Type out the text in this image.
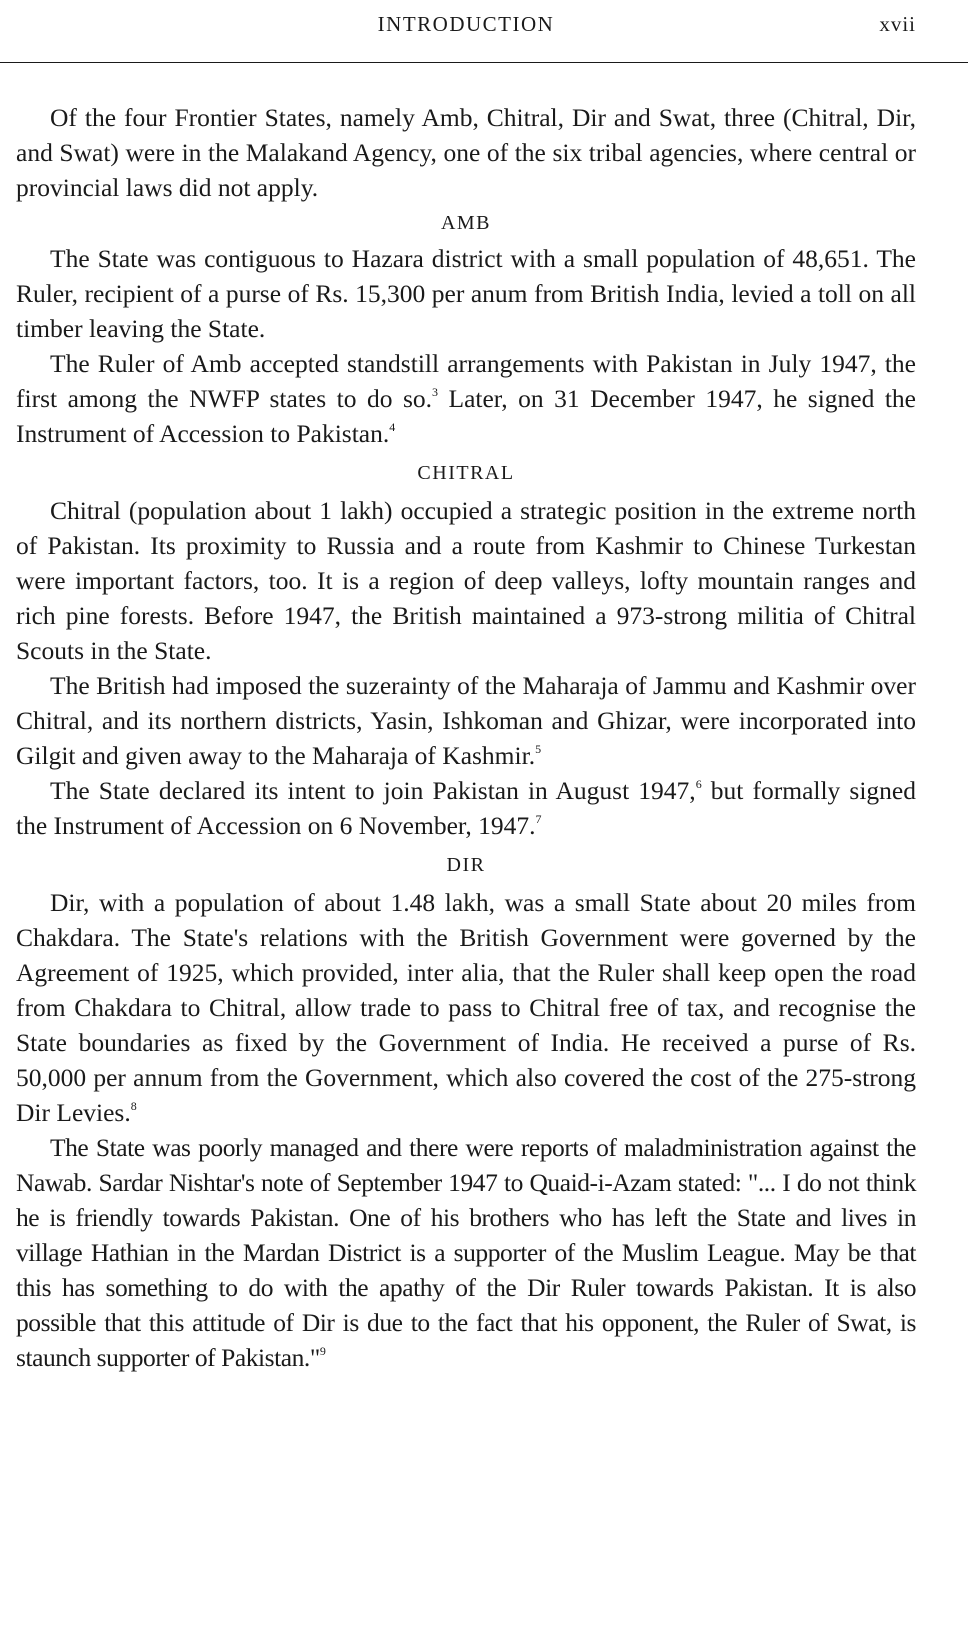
INTRODUCTION	xvii

Of the four Frontier States, namely Amb, Chitral, Dir and Swat, three (Chitral, Dir, and Swat) were in the Malakand Agency, one of the six tribal agencies, where central or provincial laws did not apply.

AMB

The State was contiguous to Hazara district with a small population of 48,651. The Ruler, recipient of a purse of Rs. 15,300 per anum from British India, levied a toll on all timber leaving the State.

The Ruler of Amb accepted standstill arrangements with Pakistan in July 1947, the first among the NWFP states to do so.$^3$ Later, on 31 December 1947, he signed the Instrument of Accession to Pakistan.$^4$

CHITRAL

Chitral (population about 1 lakh) occupied a strategic position in the extreme north of Pakistan. Its proximity to Russia and a route from Kashmir to Chinese Turkestan were important factors, too. It is a region of deep valleys, lofty mountain ranges and rich pine forests. Before 1947, the British maintained a 973-strong militia of Chitral Scouts in the State.

The British had imposed the suzerainty of the Maharaja of Jammu and Kashmir over Chitral, and its northern districts, Yasin, Ishkoman and Ghizar, were incorporated into Gilgit and given away to the Maharaja of Kashmir.$^5$

The State declared its intent to join Pakistan in August 1947,$^6$ but formally signed the Instrument of Accession on 6 November, 1947.$^7$

DIR

Dir, with a population of about 1.48 lakh, was a small State about 20 miles from Chakdara. The State's relations with the British Government were governed by the Agreement of 1925, which provided, inter alia, that the Ruler shall keep open the road from Chakdara to Chitral, allow trade to pass to Chitral free of tax, and recognise the State boundaries as fixed by the Government of India. He received a purse of Rs. 50,000 per annum from the Government, which also covered the cost of the 275-strong Dir Levies.$^8$

The State was poorly managed and there were reports of maladministration against the Nawab. Sardar Nishtar's note of September 1947 to Quaid-i-Azam stated: "... I do not think he is friendly towards Pakistan. One of his brothers who has left the State and lives in village Hathian in the Mardan District is a supporter of the Muslim League. May be that this has something to do with the apathy of the Dir Ruler towards Pakistan. It is also possible that this attitude of Dir is due to the fact that his opponent, the Ruler of Swat, is staunch supporter of Pakistan."$^9$
